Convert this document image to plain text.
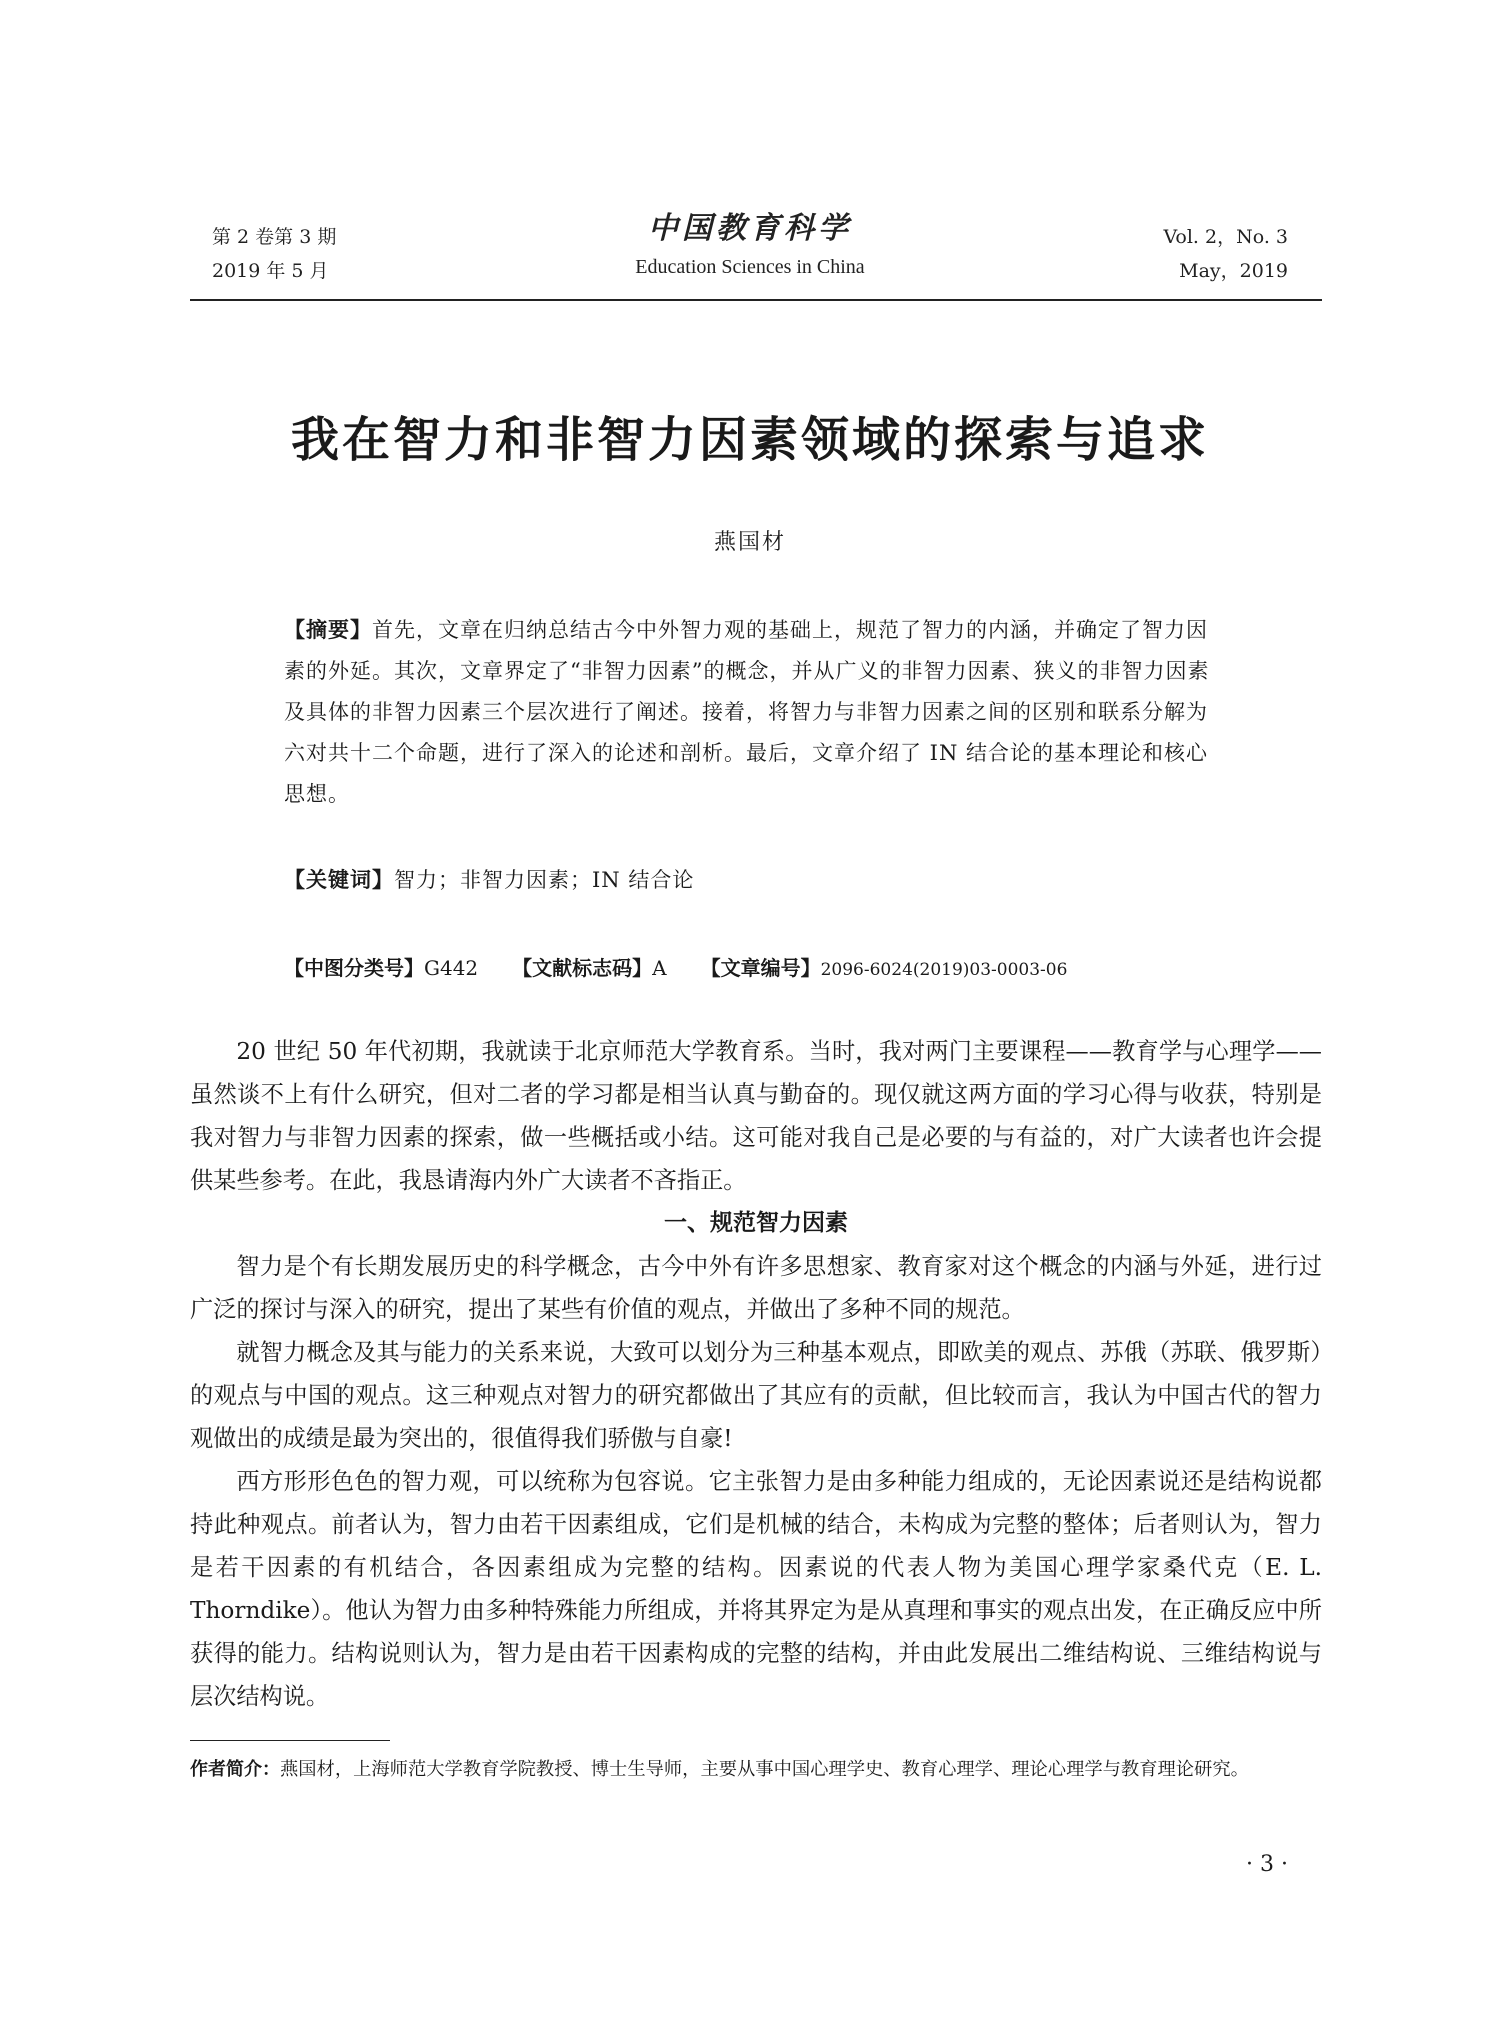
第 2 卷第 3 期
2019 年 5 月
中国教育科学
Education Sciences in China
Vol. 2，No. 3
May，2019
我在智力和非智力因素领域的探索与追求
燕国材
【摘要】首先，文章在归纳总结古今中外智力观的基础上，规范了智力的内涵，并确定了智力因素的外延。其次，文章界定了“非智力因素”的概念，并从广义的非智力因素、狭义的非智力因素及具体的非智力因素三个层次进行了阐述。接着，将智力与非智力因素之间的区别和联系分解为六对共十二个命题，进行了深入的论述和剖析。最后，文章介绍了 IN 结合论的基本理论和核心思想。
【关键词】智力；非智力因素；IN 结合论
【中图分类号】G442 【文献标志码】A 【文章编号】2096-6024(2019)03-0003-06

20 世纪 50 年代初期，我就读于北京师范大学教育系。当时，我对两门主要课程——教育学与心理学——虽然谈不上有什么研究，但对二者的学习都是相当认真与勤奋的。现仅就这两方面的学习心得与收获，特别是我对智力与非智力因素的探索，做一些概括或小结。这可能对我自己是必要的与有益的，对广大读者也许会提供某些参考。在此，我恳请海内外广大读者不吝指正。

一、规范智力因素

智力是个有长期发展历史的科学概念，古今中外有许多思想家、教育家对这个概念的内涵与外延，进行过广泛的探讨与深入的研究，提出了某些有价值的观点，并做出了多种不同的规范。

就智力概念及其与能力的关系来说，大致可以划分为三种基本观点，即欧美的观点、苏俄（苏联、俄罗斯）的观点与中国的观点。这三种观点对智力的研究都做出了其应有的贡献，但比较而言，我认为中国古代的智力观做出的成绩是最为突出的，很值得我们骄傲与自豪!

西方形形色色的智力观，可以统称为包容说。它主张智力是由多种能力组成的，无论因素说还是结构说都持此种观点。前者认为，智力由若干因素组成，它们是机械的结合，未构成为完整的整体；后者则认为，智力是若干因素的有机结合，各因素组成为完整的结构。因素说的代表人物为美国心理学家桑代克（E. L. Thorndike）。他认为智力由多种特殊能力所组成，并将其界定为是从真理和事实的观点出发，在正确反应中所获得的能力。结构说则认为，智力是由若干因素构成的完整的结构，并由此发展出二维结构说、三维结构说与层次结构说。

作者简介：燕国材，上海师范大学教育学院教授、博士生导师，主要从事中国心理学史、教育心理学、理论心理学与教育理论研究。
· 3 ·
